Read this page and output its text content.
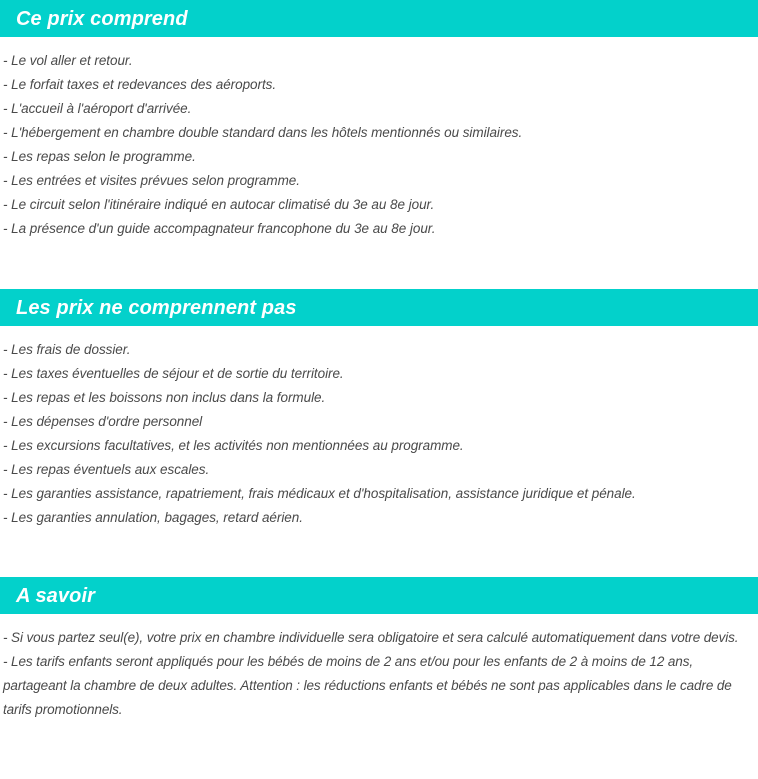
Ce prix comprend
- Le vol aller et retour.
- Le forfait taxes et redevances des aéroports.
- L'accueil à l'aéroport d'arrivée.
- L'hébergement en chambre double standard dans les hôtels mentionnés ou similaires.
- Les repas selon le programme.
- Les entrées et visites prévues selon programme.
- Le circuit selon l'itinéraire indiqué en autocar climatisé du 3e au 8e jour.
- La présence d'un guide accompagnateur francophone du 3e au 8e jour.
Les prix ne comprennent pas
- Les frais de dossier.
- Les taxes éventuelles de séjour et de sortie du territoire.
- Les repas et les boissons non inclus dans la formule.
- Les dépenses d'ordre personnel
- Les excursions facultatives, et les activités non mentionnées au programme.
- Les repas éventuels aux escales.
- Les garanties assistance, rapatriement, frais médicaux et d'hospitalisation, assistance juridique et pénale.
- Les garanties annulation, bagages, retard aérien.
A savoir
- Si vous partez seul(e), votre prix en chambre individuelle sera obligatoire et sera calculé automatiquement dans votre devis.
- Les tarifs enfants seront appliqués pour les bébés de moins de 2 ans et/ou pour les enfants de 2 à moins de 12 ans, partageant la chambre de deux adultes. Attention : les réductions enfants et bébés ne sont pas applicables dans le cadre de tarifs promotionnels.
